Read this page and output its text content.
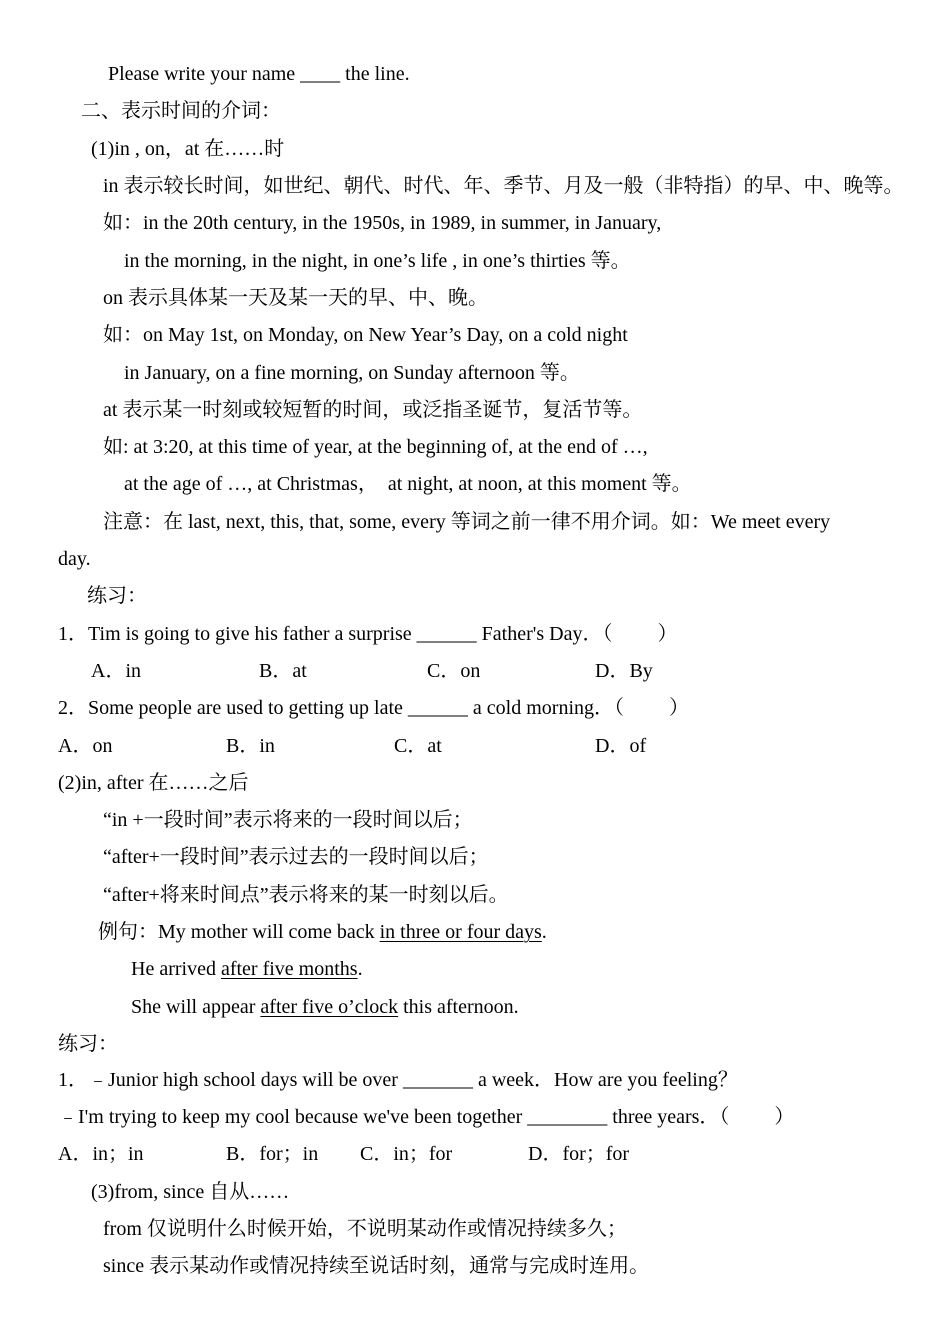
Please write your name ____ the line.
二、表示时间的介词：
(1)in , on，at 在……时
in 表示较长时间，如世纪、朝代、时代、年、季节、月及一般（非特指）的早、中、晚等。
如：in the 20th century, in the 1950s, in 1989, in summer, in January,
in the morning, in the night, in one’s life , in one’s thirties 等。
on 表示具体某一天及某一天的早、中、晚。
如：on May 1st, on Monday, on New Year’s Day, on a cold night
in January, on a fine morning, on Sunday afternoon 等。
at 表示某一时刻或较短暂的时间，或泛指圣诞节，复活节等。
如: at 3:20, at this time of year, at the beginning of, at the end of …,
at the age of …, at Christmas，  at night, at noon, at this moment 等。
注意：在 last, next, this, that, some, every 等词之前一律不用介词。如：We meet every
day.
练习：
1．Tim is going to give his father a surprise ______ Father's Day．（　　 ）
A．in	B．at	C．on	D．By
2．Some people are used to getting up late ______ a cold morning．（　　 ）
A．on	B．in	C．at	D．of
(2)in, after 在……之后
“in +一段时间”表示将来的一段时间以后；
“after+一段时间”表示过去的一段时间以后；
“after+将来时间点”表示将来的某一时刻以后。
例句：My mother will come back in three or four days.
He arrived after five months.
She will appear after five o’clock this afternoon.
练习：
1．﹣Junior high school days will be over _______ a week．How are you feeling？
﹣I'm trying to keep my cool because we've been together ________ three years．（　　 ）
A．in；in	B．for；in C．in；for	D．for；for
(3)from, since 自从……
from 仅说明什么时候开始，不说明某动作或情况持续多久；
since 表示某动作或情况持续至说话时刻，通常与完成时连用。
